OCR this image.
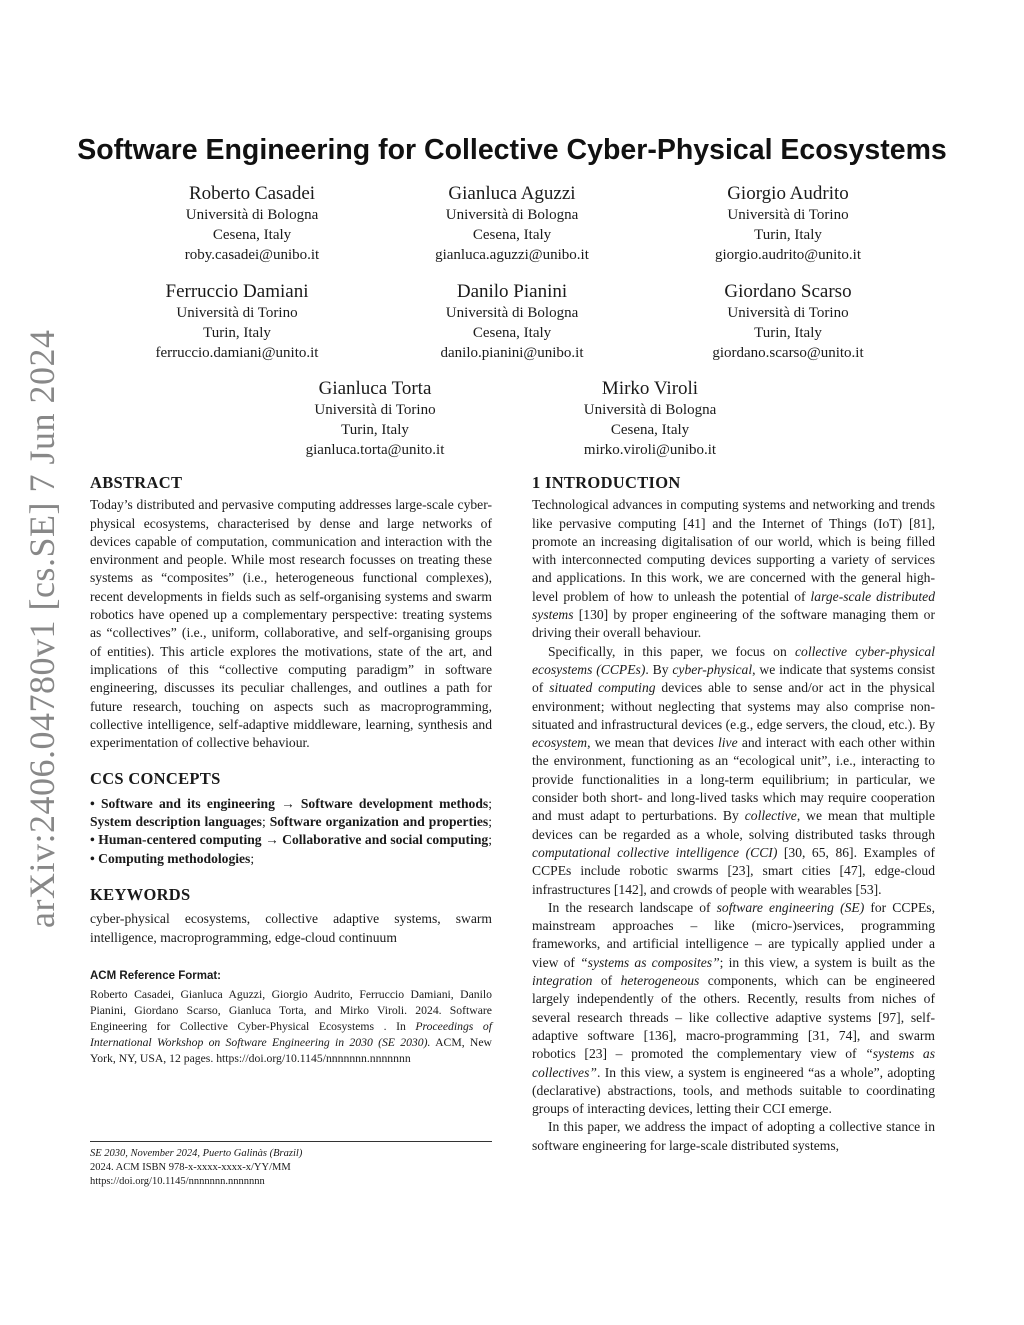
arXiv:2406.04780v1 [cs.SE] 7 Jun 2024
Software Engineering for Collective Cyber-Physical Ecosystems
Roberto Casadei
Università di Bologna
Cesena, Italy
roby.casadei@unibo.it
Gianluca Aguzzi
Università di Bologna
Cesena, Italy
gianluca.aguzzi@unibo.it
Giorgio Audrito
Università di Torino
Turin, Italy
giorgio.audrito@unito.it
Ferruccio Damiani
Università di Torino
Turin, Italy
ferruccio.damiani@unito.it
Danilo Pianini
Università di Bologna
Cesena, Italy
danilo.pianini@unibo.it
Giordano Scarso
Università di Torino
Turin, Italy
giordano.scarso@unito.it
Gianluca Torta
Università di Torino
Turin, Italy
gianluca.torta@unito.it
Mirko Viroli
Università di Bologna
Cesena, Italy
mirko.viroli@unibo.it

ABSTRACT

Today’s distributed and pervasive computing addresses large-scale cyber-physical ecosystems, characterised by dense and large networks of devices capable of computation, communication and interaction with the environment and people. While most research focusses on treating these systems as “composites” (i.e., heterogeneous functional complexes), recent developments in fields such as self-organising systems and swarm robotics have opened up a complementary perspective: treating systems as “collectives” (i.e., uniform, collaborative, and self-organising groups of entities). This article explores the motivations, state of the art, and implications of this “collective computing paradigm” in software engineering, discusses its peculiar challenges, and outlines a path for future research, touching on aspects such as macroprogramming, collective intelligence, self-adaptive middleware, learning, synthesis and experimentation of collective behaviour.

CCS CONCEPTS

• Software and its engineering → Software development methods; System description languages; Software organization and properties; • Human-centered computing → Collaborative and social computing; • Computing methodologies;

KEYWORDS

cyber-physical ecosystems, collective adaptive systems, swarm intelligence, macroprogramming, edge-cloud continuum

ACM Reference Format:

Roberto Casadei, Gianluca Aguzzi, Giorgio Audrito, Ferruccio Damiani, Danilo Pianini, Giordano Scarso, Gianluca Torta, and Mirko Viroli. 2024. Software Engineering for Collective Cyber-Physical Ecosystems . In Proceedings of International Workshop on Software Engineering in 2030 (SE 2030). ACM, New York, NY, USA, 12 pages. https://doi.org/10.1145/nnnnnnn.nnnnnnn

SE 2030, November 2024, Puerto Galinàs (Brazil)
2024. ACM ISBN 978-x-xxxx-xxxx-x/YY/MM
https://doi.org/10.1145/nnnnnnn.nnnnnnn

1 INTRODUCTION

Technological advances in computing systems and networking and trends like pervasive computing [41] and the Internet of Things (IoT) [81], promote an increasing digitalisation of our world, which is being filled with interconnected computing devices supporting a variety of services and applications. In this work, we are concerned with the general high-level problem of how to unleash the potential of large-scale distributed systems [130] by proper engineering of the software managing them or driving their overall behaviour.

Specifically, in this paper, we focus on collective cyber-physical ecosystems (CCPEs). By cyber-physical, we indicate that systems consist of situated computing devices able to sense and/or act in the physical environment; without neglecting that systems may also comprise non-situated and infrastructural devices (e.g., edge servers, the cloud, etc.). By ecosystem, we mean that devices live and interact with each other within the environment, functioning as an “ecological unit”, i.e., interacting to provide functionalities in a long-term equilibrium; in particular, we consider both short- and long-lived tasks which may require cooperation and must adapt to perturbations. By collective, we mean that multiple devices can be regarded as a whole, solving distributed tasks through computational collective intelligence (CCI) [30, 65, 86]. Examples of CCPEs include robotic swarms [23], smart cities [47], edge-cloud infrastructures [142], and crowds of people with wearables [53].

In the research landscape of software engineering (SE) for CCPEs, mainstream approaches – like (micro-)services, programming frameworks, and artificial intelligence – are typically applied under a view of “systems as composites”; in this view, a system is built as the integration of heterogeneous components, which can be engineered largely independently of the others. Recently, results from niches of several research threads – like collective adaptive systems [97], self-adaptive software [136], macro-programming [31, 74], and swarm robotics [23] – promoted the complementary view of “systems as collectives”. In this view, a system is engineered “as a whole”, adopting (declarative) abstractions, tools, and methods suitable to coordinating groups of interacting devices, letting their CCI emerge.

In this paper, we address the impact of adopting a collective stance in software engineering for large-scale distributed systems,
